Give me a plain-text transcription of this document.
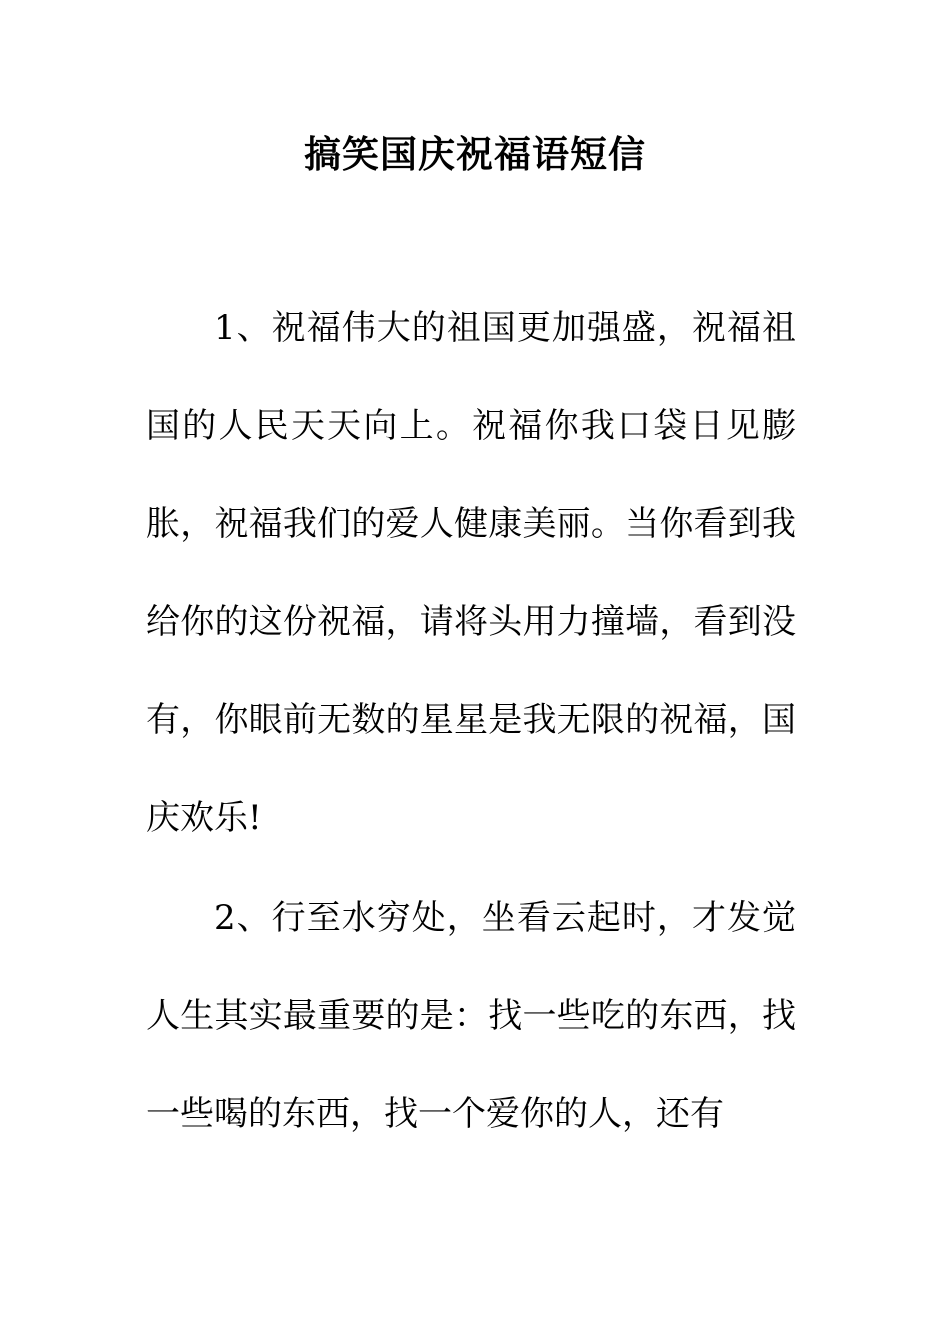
搞笑国庆祝福语短信

1、祝福伟大的祖国更加强盛，祝福祖国的人民天天向上。祝福你我口袋日见膨胀，祝福我们的爱人健康美丽。当你看到我给你的这份祝福，请将头用力撞墙，看到没有，你眼前无数的星星是我无限的祝福，国庆欢乐!

2、行至水穷处，坐看云起时，才发觉人生其实最重要的是：找一些吃的东西，找一些喝的东西，找一个爱你的人，还有
